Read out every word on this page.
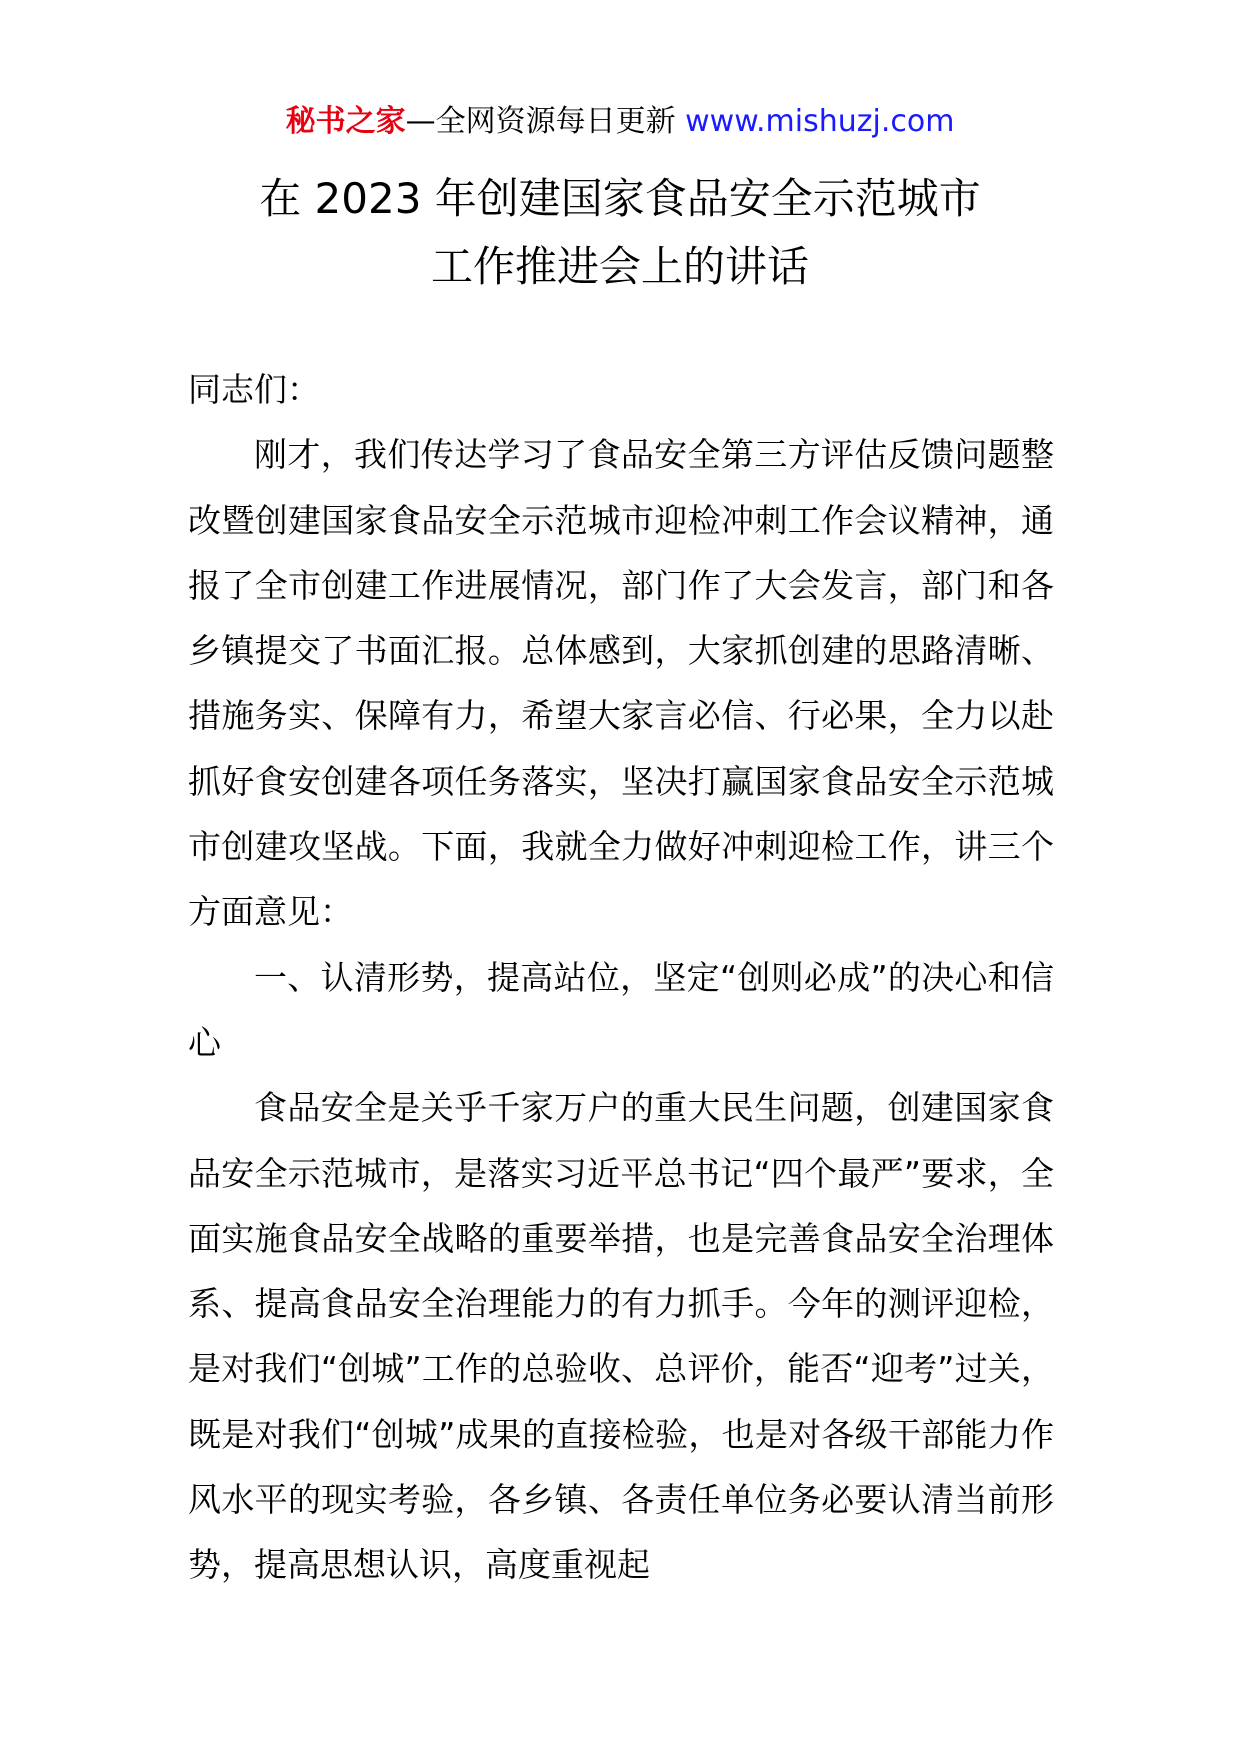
秘书之家—全网资源每日更新 www.mishuzj.com
在 2023 年创建国家食品安全示范城市
工作推进会上的讲话

同志们：

刚才，我们传达学习了食品安全第三方评估反馈问题整改暨创建国家食品安全示范城市迎检冲刺工作会议精神，通报了全市创建工作进展情况，部门作了大会发言，部门和各乡镇提交了书面汇报。总体感到，大家抓创建的思路清晰、措施务实、保障有力，希望大家言必信、行必果，全力以赴抓好食安创建各项任务落实，坚决打赢国家食品安全示范城市创建攻坚战。下面，我就全力做好冲刺迎检工作，讲三个方面意见：

一、认清形势，提高站位，坚定“创则必成”的决心和信心

食品安全是关乎千家万户的重大民生问题，创建国家食品安全示范城市，是落实习近平总书记“四个最严”要求，全面实施食品安全战略的重要举措，也是完善食品安全治理体系、提高食品安全治理能力的有力抓手。今年的测评迎检，是对我们“创城”工作的总验收、总评价，能否“迎考”过关，既是对我们“创城”成果的直接检验，也是对各级干部能力作风水平的现实考验，各乡镇、各责任单位务必要认清当前形势，提高思想认识，高度重视起
